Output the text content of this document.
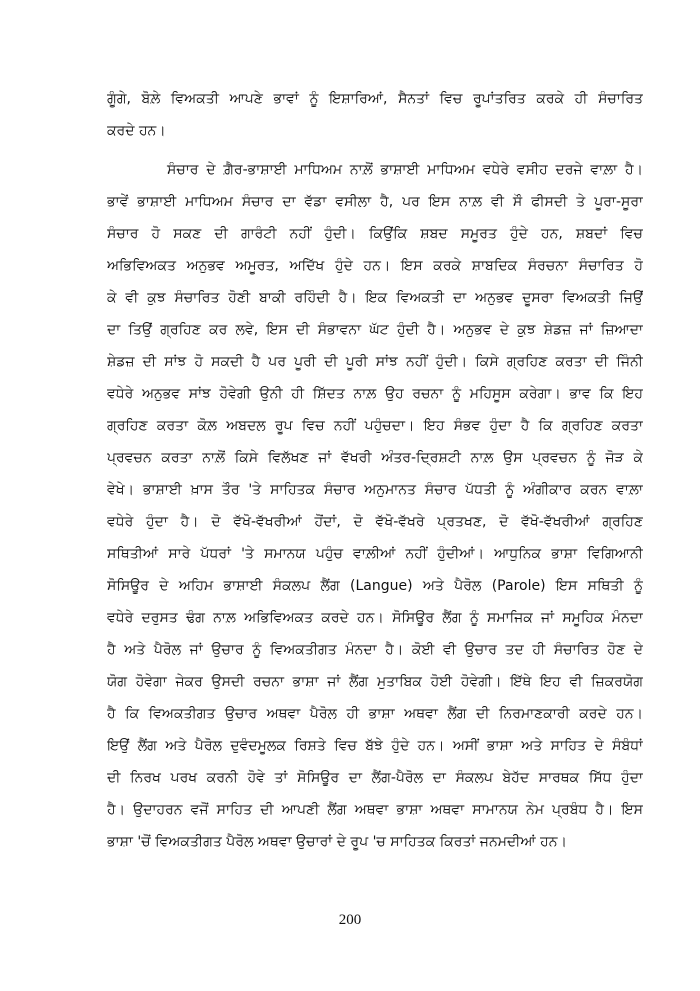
ਗੂੰਗੇ, ਬੋਲ਼ੇ ਵਿਅਕਤੀ ਆਪਣੇ ਭਾਵਾਂ ਨੂੰ ਇਸ਼ਾਰਿਆਂ, ਸੈਨਤਾਂ ਵਿਚ ਰੂਪਾਂਤਰਿਤ ਕਰਕੇ ਹੀ ਸੰਚਾਰਿਤ
ਕਰਦੇ ਹਨ।
ਸੰਚਾਰ ਦੇ ਗ਼ੈਰ-ਭਾਸ਼ਾਈ ਮਾਧਿਅਮ ਨਾਲ਼ੋਂ ਭਾਸ਼ਾਈ ਮਾਧਿਅਮ ਵਧੇਰੇ ਵਸੀਹ ਦਰਜੇ ਵਾਲ਼ਾ ਹੈ।
ਭਾਵੇਂ ਭਾਸ਼ਾਈ ਮਾਧਿਅਮ ਸੰਚਾਰ ਦਾ ਵੱਡਾ ਵਸੀਲਾ ਹੈ, ਪਰ ਇਸ ਨਾਲ਼ ਵੀ ਸੌ ਫੀਸਦੀ ਤੇ ਪੂਰਾ-ਸੂਰਾ
ਸੰਚਾਰ ਹੋ ਸਕਣ ਦੀ ਗਾਰੰਟੀ ਨਹੀਂ ਹੁੰਦੀ। ਕਿਉਂਕਿ ਸ਼ਬਦ ਸਮੂਰਤ ਹੁੰਦੇ ਹਨ, ਸ਼ਬਦਾਂ ਵਿਚ
ਅਭਿਵਿਅਕਤ ਅਨੁਭਵ ਅਮੂਰਤ, ਅਦਿੱਖ ਹੁੰਦੇ ਹਨ। ਇਸ ਕਰਕੇ ਸ਼ਾਬਦਿਕ ਸੰਰਚਨਾ ਸੰਚਾਰਿਤ ਹੋ
ਕੇ ਵੀ ਕੁਝ ਸੰਚਾਰਿਤ ਹੋਣੀ ਬਾਕੀ ਰਹਿੰਦੀ ਹੈ। ਇਕ ਵਿਅਕਤੀ ਦਾ ਅਨੁਭਵ ਦੂਸਰਾ ਵਿਅਕਤੀ ਜਿਉਂ
ਦਾ ਤਿਉਂ ਗ੍ਰਹਿਣ ਕਰ ਲਵੇ, ਇਸ ਦੀ ਸੰਭਾਵਨਾ ਘੱਟ ਹੁੰਦੀ ਹੈ। ਅਨੁਭਵ ਦੇ ਕੁਝ ਸ਼ੇਡਜ਼ ਜਾਂ ਜ਼ਿਆਦਾ
ਸ਼ੇਡਜ਼ ਦੀ ਸਾਂਝ ਹੋ ਸਕਦੀ ਹੈ ਪਰ ਪੂਰੀ ਦੀ ਪੂਰੀ ਸਾਂਝ ਨਹੀਂ ਹੁੰਦੀ। ਕਿਸੇ ਗ੍ਰਹਿਣ ਕਰਤਾ ਦੀ ਜਿੰਨੀ
ਵਧੇਰੇ ਅਨੁਭਵ ਸਾਂਝ ਹੋਵੇਗੀ ਉਨੀ ਹੀ ਸ਼ਿੱਦਤ ਨਾਲ਼ ਉਹ ਰਚਨਾ ਨੂੰ ਮਹਿਸੂਸ ਕਰੇਗਾ। ਭਾਵ ਕਿ ਇਹ
ਗ੍ਰਹਿਣ ਕਰਤਾ ਕੋਲ਼ ਅਬਦਲ ਰੂਪ ਵਿਚ ਨਹੀਂ ਪਹੁੰਚਦਾ। ਇਹ ਸੰਭਵ ਹੁੰਦਾ ਹੈ ਕਿ ਗ੍ਰਹਿਣ ਕਰਤਾ
ਪ੍ਰਵਚਨ ਕਰਤਾ ਨਾਲ਼ੋਂ ਕਿਸੇ ਵਿਲੱਖਣ ਜਾਂ ਵੱਖਰੀ ਅੰਤਰ-ਦ੍ਰਿਸ਼ਟੀ ਨਾਲ਼ ਉਸ ਪ੍ਰਵਚਨ ਨੂੰ ਜੋੜ ਕੇ
ਵੇਖੇ। ਭਾਸ਼ਾਈ ਖ਼ਾਸ ਤੌਰ 'ਤੇ ਸਾਹਿਤਕ ਸੰਚਾਰ ਅਨੁਮਾਨਤ ਸੰਚਾਰ ਪੱਧਤੀ ਨੂੰ ਅੰਗੀਕਾਰ ਕਰਨ ਵਾਲ਼ਾ
ਵਧੇਰੇ ਹੁੰਦਾ ਹੈ। ਦੋ ਵੱਖੋ-ਵੱਖਰੀਆਂ ਹੋਂਦਾਂ, ਦੋ ਵੱਖੋ-ਵੱਖਰੇ ਪ੍ਰਤਖਣ, ਦੋ ਵੱਖੋ-ਵੱਖਰੀਆਂ ਗ੍ਰਹਿਣ
ਸਥਿਤੀਆਂ ਸਾਰੇ ਪੱਧਰਾਂ 'ਤੇ ਸਮਾਨਯ ਪਹੁੰਚ ਵਾਲ਼ੀਆਂ ਨਹੀਂ ਹੁੰਦੀਆਂ। ਆਧੁਨਿਕ ਭਾਸ਼ਾ ਵਿਗਿਆਨੀ
ਸੋਸਿਊਰ ਦੇ ਅਹਿਮ ਭਾਸ਼ਾਈ ਸੰਕਲਪ ਲੈਂਗ (Langue) ਅਤੇ ਪੈਰੋਲ (Parole) ਇਸ ਸਥਿਤੀ ਨੂੰ
ਵਧੇਰੇ ਦਰੁਸਤ ਢੰਗ ਨਾਲ਼ ਅਭਿਵਿਅਕਤ ਕਰਦੇ ਹਨ। ਸੋਸਿਊਰ ਲੈਂਗ ਨੂੰ ਸਮਾਜਿਕ ਜਾਂ ਸਮੂਹਿਕ ਮੰਨਦਾ
ਹੈ ਅਤੇ ਪੈਰੋਲ ਜਾਂ ਉਚਾਰ ਨੂੰ ਵਿਅਕਤੀਗਤ ਮੰਨਦਾ ਹੈ। ਕੋਈ ਵੀ ਉਚਾਰ ਤਦ ਹੀ ਸੰਚਾਰਿਤ ਹੋਣ ਦੇ
ਯੋਗ ਹੋਵੇਗਾ ਜੇਕਰ ਉਸਦੀ ਰਚਨਾ ਭਾਸ਼ਾ ਜਾਂ ਲੈਂਗ ਮੁਤਾਬਿਕ ਹੋਈ ਹੋਵੇਗੀ। ਇੱਥੇ ਇਹ ਵੀ ਜ਼ਿਕਰਯੋਗ
ਹੈ ਕਿ ਵਿਅਕਤੀਗਤ ਉਚਾਰ ਅਥਵਾ ਪੈਰੋਲ ਹੀ ਭਾਸ਼ਾ ਅਥਵਾ ਲੈਂਗ ਦੀ ਨਿਰਮਾਣਕਾਰੀ ਕਰਦੇ ਹਨ।
ਇਉਂ ਲੈਂਗ ਅਤੇ ਪੈਰੋਲ ਦੁਵੰਦਮੂਲਕ ਰਿਸ਼ਤੇ ਵਿਚ ਬੱਝੇ ਹੁੰਦੇ ਹਨ। ਅਸੀਂ ਭਾਸ਼ਾ ਅਤੇ ਸਾਹਿਤ ਦੇ ਸੰਬੰਧਾਂ
ਦੀ ਨਿਰਖ ਪਰਖ ਕਰਨੀ ਹੋਵੇ ਤਾਂ ਸੋਸਿਊਰ ਦਾ ਲੈਂਗ-ਪੈਰੋਲ ਦਾ ਸੰਕਲਪ ਬੇਹੱਦ ਸਾਰਥਕ ਸਿੱਧ ਹੁੰਦਾ
ਹੈ। ਉਦਾਹਰਨ ਵਜੋਂ ਸਾਹਿਤ ਦੀ ਆਪਣੀ ਲੈਂਗ ਅਥਵਾ ਭਾਸ਼ਾ ਅਥਵਾ ਸਾਮਾਨਯ ਨੇਮ ਪ੍ਰਬੰਧ ਹੈ। ਇਸ
ਭਾਸ਼ਾ 'ਚੋਂ ਵਿਅਕਤੀਗਤ ਪੈਰੋਲ ਅਥਵਾ ਉਚਾਰਾਂ ਦੇ ਰੂਪ 'ਚ ਸਾਹਿਤਕ ਕਿਰਤਾਂ ਜਨਮਦੀਆਂ ਹਨ।
200
